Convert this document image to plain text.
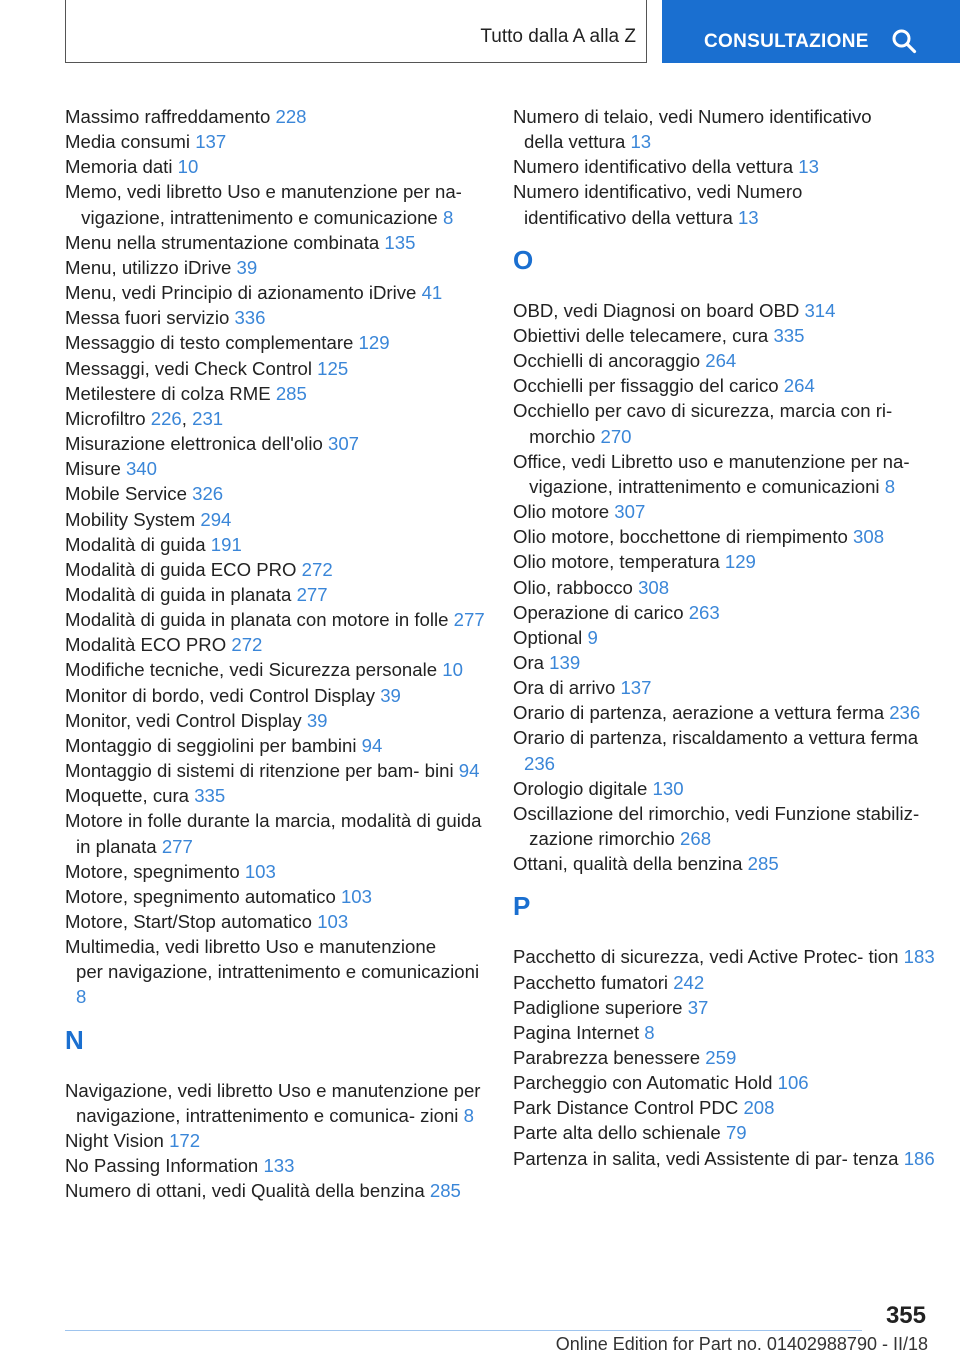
Tutto dalla A alla Z	CONSULTAZIONE
Massimo raffreddamento 228
Media consumi 137
Memoria dati 10
Memo, vedi libretto Uso e manutenzione per na- vigazione, intrattenimento e comunicazione 8
Menu nella strumentazione combinata 135
Menu, utilizzo iDrive 39
Menu, vedi Principio di azionamento iDrive 41
Messa fuori servizio 336
Messaggio di testo complementare 129
Messaggi, vedi Check Control 125
Metilestere di colza RME 285
Microfiltro 226, 231
Misurazione elettronica dell'olio 307
Misure 340
Mobile Service 326
Mobility System 294
Modalità di guida 191
Modalità di guida ECO PRO 272
Modalità di guida in planata 277
Modalità di guida in planata con motore in folle 277
Modalità ECO PRO 272
Modifiche tecniche, vedi Sicurezza personale 10
Monitor di bordo, vedi Control Display 39
Monitor, vedi Control Display 39
Montaggio di seggiolini per bambini 94
Montaggio di sistemi di ritenzione per bam- bini 94
Moquette, cura 335
Motore in folle durante la marcia, modalità di guida in planata 277
Motore, spegnimento 103
Motore, spegnimento automatico 103
Motore, Start/Stop automatico 103
Multimedia, vedi libretto Uso e manutenzione per navigazione, intrattenimento e comunicazioni 8
N
Navigazione, vedi libretto Uso e manutenzione per navigazione, intrattenimento e comunica- zioni 8
Night Vision 172
No Passing Information 133
Numero di ottani, vedi Qualità della benzina 285
Numero di telaio, vedi Numero identificativo della vettura 13
Numero identificativo della vettura 13
Numero identificativo, vedi Numero identificativo della vettura 13
O
OBD, vedi Diagnosi on board OBD 314
Obiettivi delle telecamere, cura 335
Occhielli di ancoraggio 264
Occhielli per fissaggio del carico 264
Occhiello per cavo di sicurezza, marcia con ri- morchio 270
Office, vedi Libretto uso e manutenzione per na- vigazione, intrattenimento e comunicazioni 8
Olio motore 307
Olio motore, bocchettone di riempimento 308
Olio motore, temperatura 129
Olio, rabbocco 308
Operazione di carico 263
Optional 9
Ora 139
Ora di arrivo 137
Orario di partenza, aerazione a vettura ferma 236
Orario di partenza, riscaldamento a vettura ferma 236
Orologio digitale 130
Oscillazione del rimorchio, vedi Funzione stabiliz- zazione rimorchio 268
Ottani, qualità della benzina 285
P
Pacchetto di sicurezza, vedi Active Protec- tion 183
Pacchetto fumatori 242
Padiglione superiore 37
Pagina Internet 8
Parabrezza benessere 259
Parcheggio con Automatic Hold 106
Park Distance Control PDC 208
Parte alta dello schienale 79
Partenza in salita, vedi Assistente di par- tenza 186
355
Online Edition for Part no. 01402988790 - II/18
